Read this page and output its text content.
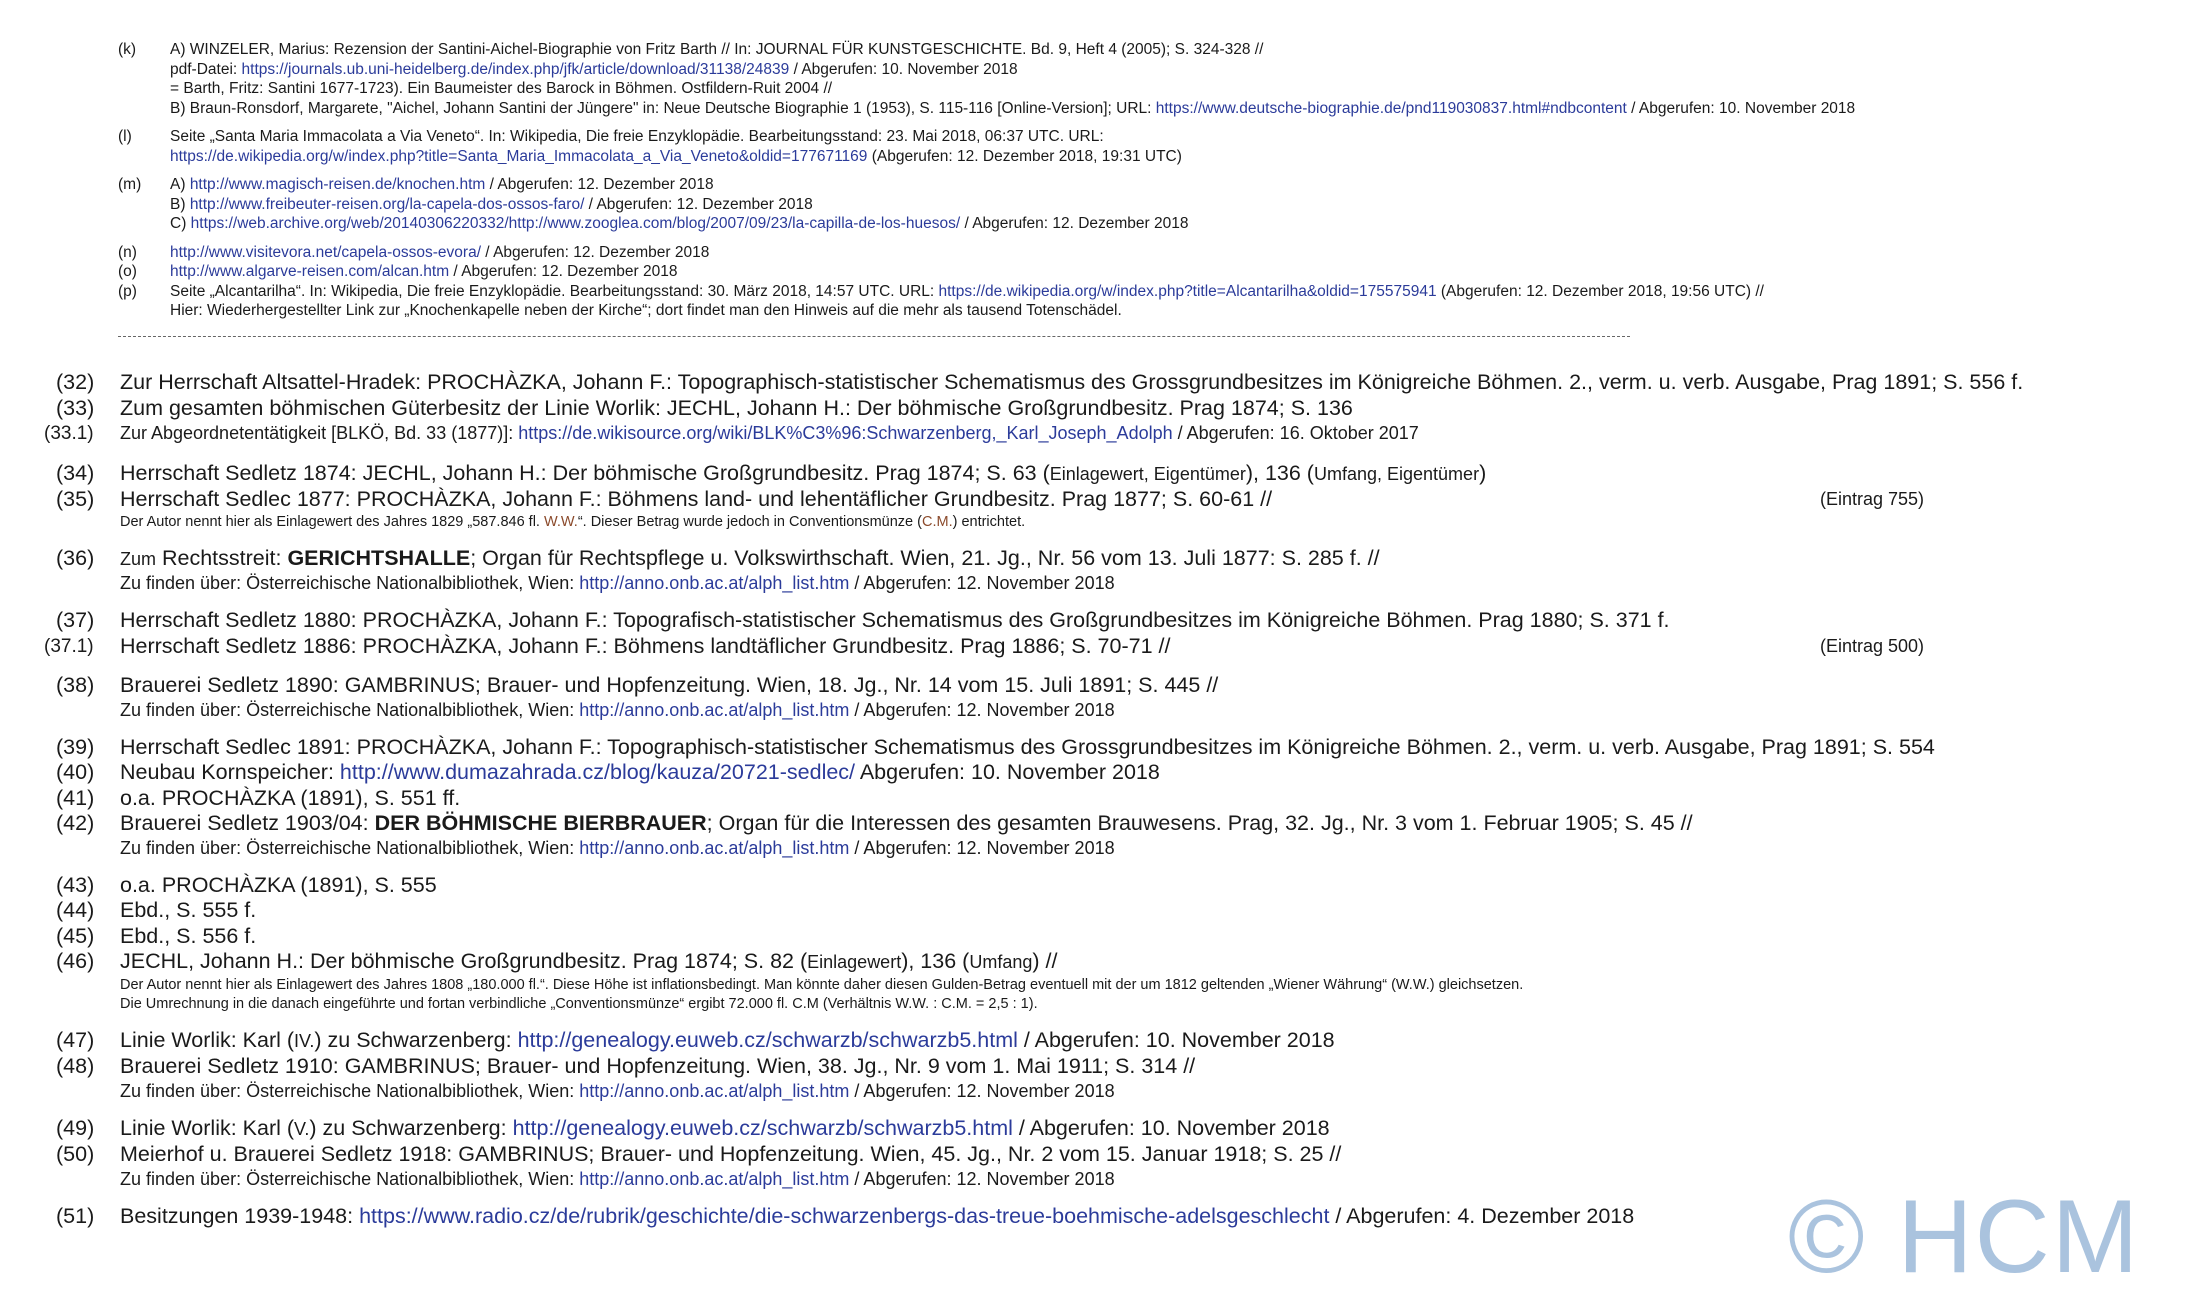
(k) A) WINZELER, Marius: Rezension der Santini-Aichel-Biographie von Fritz Barth // In: JOURNAL FÜR KUNSTGESCHICHTE. Bd. 9, Heft 4 (2005); S. 324-328 //
pdf-Datei: https://journals.ub.uni-heidelberg.de/index.php/jfk/article/download/31138/24839 / Abgerufen: 10. November 2018
= Barth, Fritz: Santini 1677-1723). Ein Baumeister des Barock in Böhmen. Ostfildern-Ruit 2004 //
B) Braun-Ronsdorf, Margarete, "Aichel, Johann Santini der Jüngere" in: Neue Deutsche Biographie 1 (1953), S. 115-116 [Online-Version]; URL: https://www.deutsche-biographie.de/pnd119030837.html#ndbcontent / Abgerufen: 10. November 2018
(l) Seite „Santa Maria Immacolata a Via Veneto“. In: Wikipedia, Die freie Enzyklopädie. Bearbeitungsstand: 23. Mai 2018, 06:37 UTC. URL:
https://de.wikipedia.org/w/index.php?title=Santa_Maria_Immacolata_a_Via_Veneto&oldid=177671169 (Abgerufen: 12. Dezember 2018, 19:31 UTC)
(m) A) http://www.magisch-reisen.de/knochen.htm / Abgerufen: 12. Dezember 2018
B) http://www.freibeuter-reisen.org/la-capela-dos-ossos-faro/ / Abgerufen: 12. Dezember 2018
C) https://web.archive.org/web/20140306220332/http://www.zooglea.com/blog/2007/09/23/la-capilla-de-los-huesos/ / Abgerufen: 12. Dezember 2018
(n) http://www.visitevora.net/capela-ossos-evora/ / Abgerufen: 12. Dezember 2018
(o) http://www.algarve-reisen.com/alcan.htm / Abgerufen: 12. Dezember 2018
(p) Seite „Alcantarilha“. In: Wikipedia, Die freie Enzyklopädie. Bearbeitungsstand: 30. März 2018, 14:57 UTC. URL: https://de.wikipedia.org/w/index.php?title=Alcantarilha&oldid=175575941 (Abgerufen: 12. Dezember 2018, 19:56 UTC) //
Hier: Wiederhergestellter Link zur „Knochenkapelle neben der Kirche“; dort findet man den Hinweis auf die mehr als tausend Totenschädel.
(32) Zur Herrschaft Altsattel-Hradek: PROCHÀZKA, Johann F.: Topographisch-statistischer Schematismus des Grossgrundbesitzes im Königreiche Böhmen. 2., verm. u. verb. Ausgabe, Prag 1891; S. 556 f.
(33) Zum gesamten böhmischen Güterbesitz der Linie Worlik: JECHL, Johann H.: Der böhmische Großgrundbesitz. Prag 1874; S. 136
(33.1) Zur Abgeordnetentätigkeit [BLKÖ, Bd. 33 (1877)]: https://de.wikisource.org/wiki/BLK%C3%96:Schwarzenberg,_Karl_Joseph_Adolph / Abgerufen: 16. Oktober 2017
(34) Herrschaft Sedletz 1874: JECHL, Johann H.: Der böhmische Großgrundbesitz. Prag 1874; S. 63 (Einlagewert, Eigentümer), 136 (Umfang, Eigentümer)
(35) Herrschaft Sedlec 1877: PROCHÀZKA, Johann F.: Böhmens land- und lehentäflicher Grundbesitz. Prag 1877; S. 60-61 //	(Eintrag 755)
Der Autor nennt hier als Einlagewert des Jahres 1829 „587.846 fl. W.W.“. Dieser Betrag wurde jedoch in Conventionsmünze (C.M.) entrichtet.
(36) Zum Rechtsstreit: GERICHTSHALLE; Organ für Rechtspflege u. Volkswirthschaft. Wien, 21. Jg., Nr. 56 vom 13. Juli 1877: S. 285 f. //
Zu finden über: Österreichische Nationalbibliothek, Wien: http://anno.onb.ac.at/alph_list.htm / Abgerufen: 12. November 2018
(37) Herrschaft Sedletz 1880: PROCHÀZKA, Johann F.: Topografisch-statistischer Schematismus des Großgrundbesitzes im Königreiche Böhmen. Prag 1880; S. 371 f.
(37.1) Herrschaft Sedletz 1886: PROCHÀZKA, Johann F.: Böhmens landtäflicher Grundbesitz. Prag 1886; S. 70-71 //	(Eintrag 500)
(38) Brauerei Sedletz 1890: GAMBRINUS; Brauer- und Hopfenzeitung. Wien, 18. Jg., Nr. 14 vom 15. Juli 1891; S. 445 //
Zu finden über: Österreichische Nationalbibliothek, Wien: http://anno.onb.ac.at/alph_list.htm / Abgerufen: 12. November 2018
(39) Herrschaft Sedlec 1891: PROCHÀZKA, Johann F.: Topographisch-statistischer Schematismus des Grossgrundbesitzes im Königreiche Böhmen. 2., verm. u. verb. Ausgabe, Prag 1891; S. 554
(40) Neubau Kornspeicher: http://www.dumazahrada.cz/blog/kauza/20721-sedlec/ Abgerufen: 10. November 2018
(41) o.a. PROCHÀZKA (1891), S. 551 ff.
(42) Brauerei Sedletz 1903/04: DER BÖHMISCHE BIERBRAUER; Organ für die Interessen des gesamten Brauwesens. Prag, 32. Jg., Nr. 3 vom 1. Februar 1905; S. 45 //
Zu finden über: Österreichische Nationalbibliothek, Wien: http://anno.onb.ac.at/alph_list.htm / Abgerufen: 12. November 2018
(43) o.a. PROCHÀZKA (1891), S. 555
(44) Ebd., S. 555 f.
(45) Ebd., S. 556 f.
(46) JECHL, Johann H.: Der böhmische Großgrundbesitz. Prag 1874; S. 82 (Einlagewert), 136 (Umfang) //
Der Autor nennt hier als Einlagewert des Jahres 1808 „180.000 fl.“. Diese Höhe ist inflationsbedingt. Man könnte daher diesen Gulden-Betrag eventuell mit der um 1812 geltenden „Wiener Währung“ (W.W.) gleichsetzen.
Die Umrechnung in die danach eingeführte und fortan verbindliche „Conventionsmünze“ ergibt 72.000 fl. C.M (Verhältnis W.W. : C.M. = 2,5 : 1).
(47) Linie Worlik: Karl (IV.) zu Schwarzenberg: http://genealogy.euweb.cz/schwarzb/schwarzb5.html / Abgerufen: 10. November 2018
(48) Brauerei Sedletz 1910: GAMBRINUS; Brauer- und Hopfenzeitung. Wien, 38. Jg., Nr. 9 vom 1. Mai 1911; S. 314 //
Zu finden über: Österreichische Nationalbibliothek, Wien: http://anno.onb.ac.at/alph_list.htm / Abgerufen: 12. November 2018
(49) Linie Worlik: Karl (V.) zu Schwarzenberg: http://genealogy.euweb.cz/schwarzb/schwarzb5.html / Abgerufen: 10. November 2018
(50) Meierhof u. Brauerei Sedletz 1918: GAMBRINUS; Brauer- und Hopfenzeitung. Wien, 45. Jg., Nr. 2 vom 15. Januar 1918; S. 25 //
Zu finden über: Österreichische Nationalbibliothek, Wien: http://anno.onb.ac.at/alph_list.htm / Abgerufen: 12. November 2018
(51) Besitzungen 1939-1948: https://www.radio.cz/de/rubrik/geschichte/die-schwarzenbergs-das-treue-boehmische-adelsgeschlecht / Abgerufen: 4. Dezember 2018	© HCM
